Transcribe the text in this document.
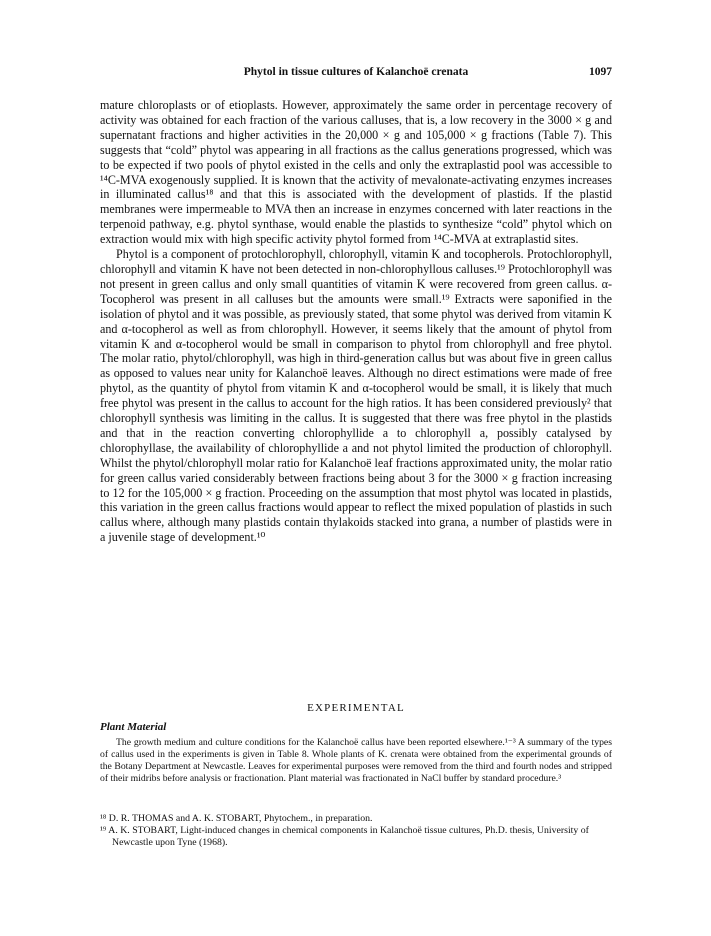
Phytol in tissue cultures of Kalanchoë crenata	1097

mature chloroplasts or of etioplasts. However, approximately the same order in percentage recovery of activity was obtained for each fraction of the various calluses, that is, a low recovery in the 3000 × g and supernatant fractions and higher activities in the 20,000 × g and 105,000 × g fractions (Table 7). This suggests that “cold” phytol was appearing in all fractions as the callus generations progressed, which was to be expected if two pools of phytol existed in the cells and only the extraplastid pool was accessible to ¹⁴C-MVA exogenously supplied. It is known that the activity of mevalonate-activating enzymes increases in illuminated callus¹⁸ and that this is associated with the development of plastids. If the plastid membranes were impermeable to MVA then an increase in enzymes concerned with later reactions in the terpenoid pathway, e.g. phytol synthase, would enable the plastids to synthesize “cold” phytol which on extraction would mix with high specific activity phytol formed from ¹⁴C-MVA at extraplastid sites.

Phytol is a component of protochlorophyll, chlorophyll, vitamin K and tocopherols. Protochlorophyll, chlorophyll and vitamin K have not been detected in non-chlorophyllous calluses.¹⁹ Protochlorophyll was not present in green callus and only small quantities of vitamin K were recovered from green callus. α-Tocopherol was present in all calluses but the amounts were small.¹⁹ Extracts were saponified in the isolation of phytol and it was possible, as previously stated, that some phytol was derived from vitamin K and α-tocopherol as well as from chlorophyll. However, it seems likely that the amount of phytol from vitamin K and α-tocopherol would be small in comparison to phytol from chlorophyll and free phytol. The molar ratio, phytol/chlorophyll, was high in third-generation callus but was about five in green callus as opposed to values near unity for Kalanchoë leaves. Although no direct estimations were made of free phytol, as the quantity of phytol from vitamin K and α-tocopherol would be small, it is likely that much free phytol was present in the callus to account for the high ratios. It has been considered previously² that chlorophyll synthesis was limiting in the callus. It is suggested that there was free phytol in the plastids and that in the reaction converting chlorophyllide a to chlorophyll a, possibly catalysed by chlorophyllase, the availability of chlorophyllide a and not phytol limited the production of chlorophyll. Whilst the phytol/chlorophyll molar ratio for Kalanchoë leaf fractions approximated unity, the molar ratio for green callus varied considerably between fractions being about 3 for the 3000 × g fraction increasing to 12 for the 105,000 × g fraction. Proceeding on the assumption that most phytol was located in plastids, this variation in the green callus fractions would appear to reflect the mixed population of plastids in such callus where, although many plastids contain thylakoids stacked into grana, a number of plastids were in a juvenile stage of development.¹⁰

EXPERIMENTAL
Plant Material

The growth medium and culture conditions for the Kalanchoë callus have been reported elsewhere.¹⁻³ A summary of the types of callus used in the experiments is given in Table 8. Whole plants of K. crenata were obtained from the experimental grounds of the Botany Department at Newcastle. Leaves for experimental purposes were removed from the third and fourth nodes and stripped of their midribs before analysis or fractionation. Plant material was fractionated in NaCl buffer by standard procedure.³

¹⁸ D. R. THOMAS and A. K. STOBART, Phytochem., in preparation.

¹⁹ A. K. STOBART, Light-induced changes in chemical components in Kalanchoë tissue cultures, Ph.D. thesis, University of Newcastle upon Tyne (1968).
